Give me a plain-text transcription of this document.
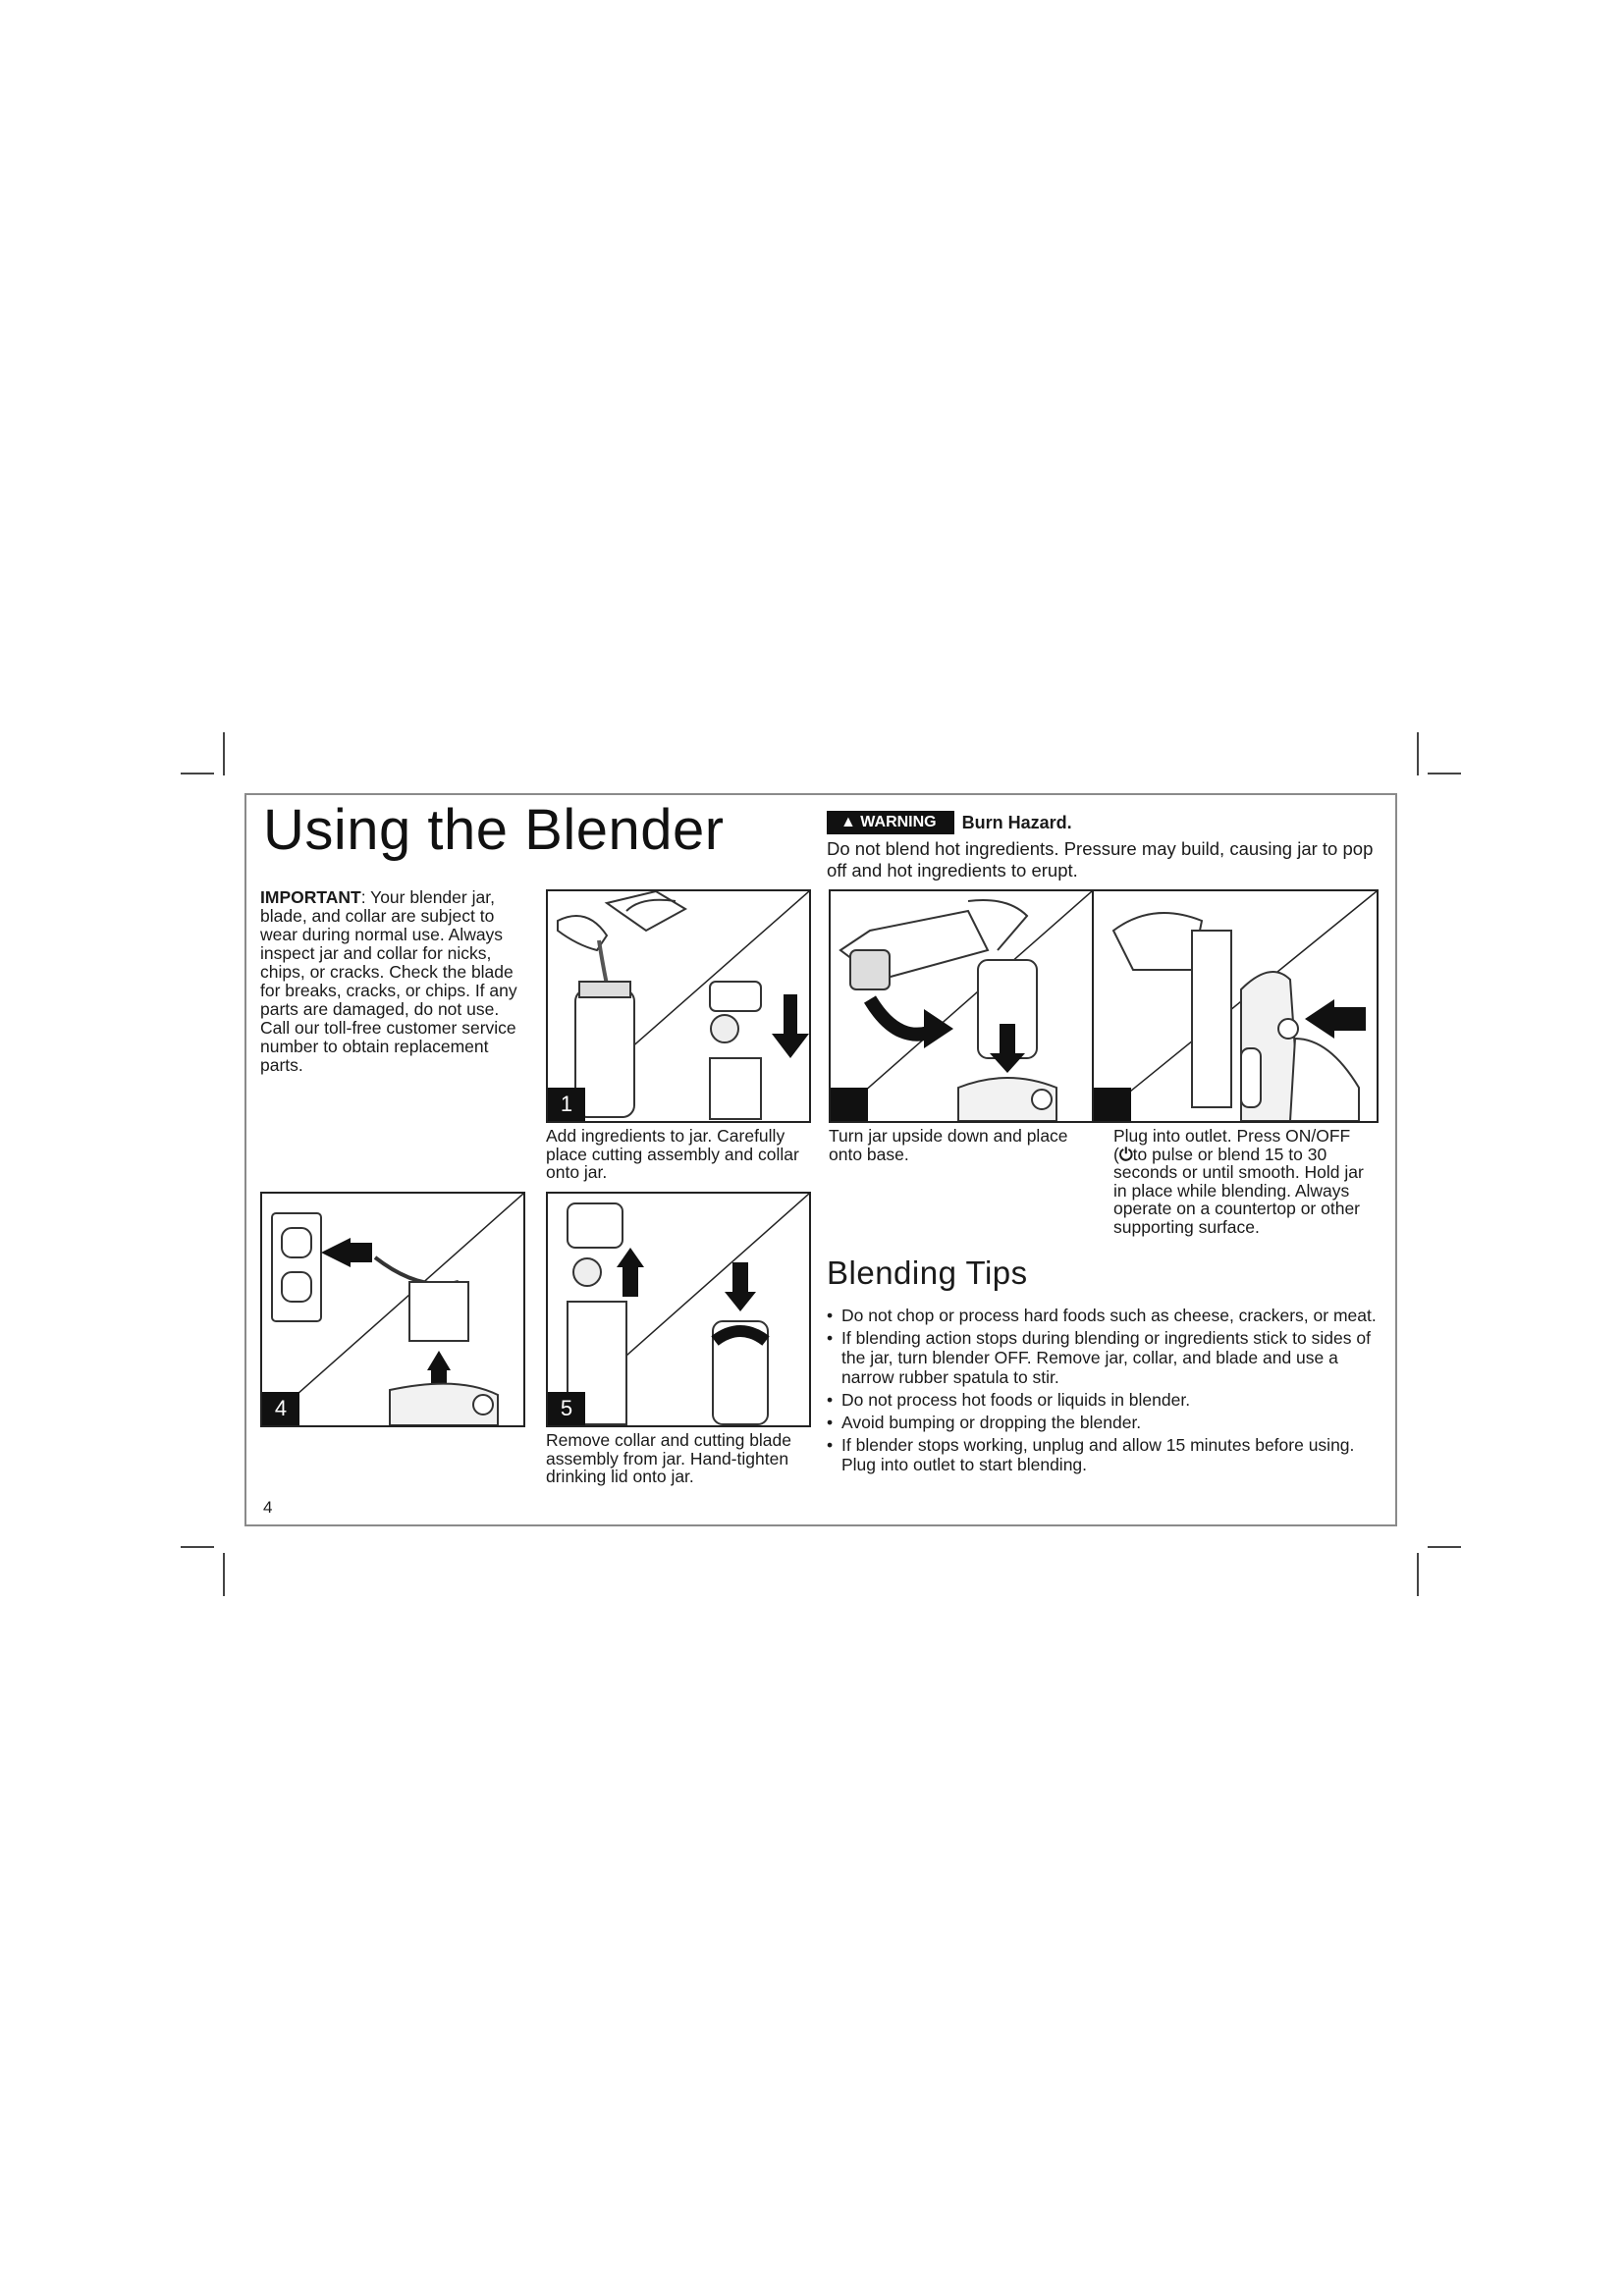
Using the Blender

IMPORTANT: Your blender jar, blade, and collar are subject to wear during normal use. Always inspect jar and collar for nicks, chips, or cracks. Check the blade for breaks, cracks, or chips. If any parts are damaged, do not use. Call our toll-free customer service number to obtain replacement parts.

▲ WARNING Burn Hazard.

Do not blend hot ingredients. Pressure may build, causing jar to pop off and hot ingredients to erupt.

1

Add ingredients to jar. Carefully place cutting assembly and collar onto jar.

Turn jar upside down and place onto base.

Plug into outlet. Press ON/OFF (⏻to pulse or blend 15 to 30 seconds or until smooth. Hold jar in place while blending. Always operate on a countertop or other supporting surface.

4	5

Remove collar and cutting blade assembly from jar. Hand-tighten drinking lid onto jar.

Blending Tips
• Do not chop or process hard foods such as cheese, crackers, or meat.
• If blending action stops during blending or ingredients stick to sides of the jar, turn blender OFF. Remove jar, collar, and blade and use a narrow rubber spatula to stir.
• Do not process hot foods or liquids in blender.
• Avoid bumping or dropping the blender.
• If blender stops working, unplug and allow 15 minutes before using. Plug into outlet to start blending.
4
